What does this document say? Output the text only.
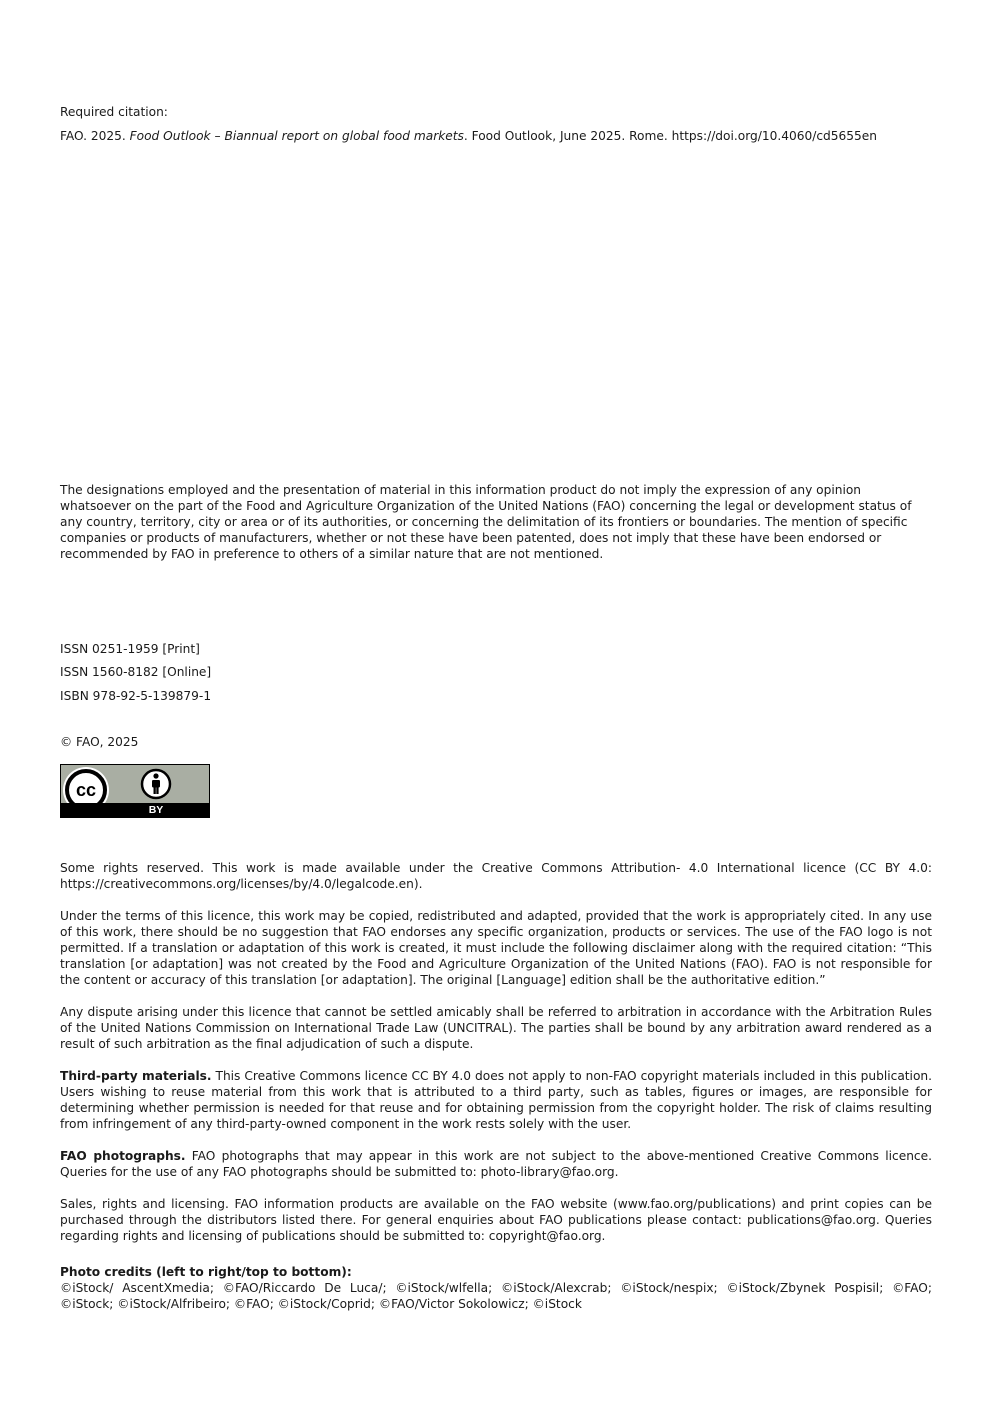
Required citation:

FAO. 2025. Food Outlook – Biannual report on global food markets. Food Outlook, June 2025. Rome. https://doi.org/10.4060/cd5655en

The designations employed and the presentation of material in this information product do not imply the expression of any opinion whatsoever on the part of the Food and Agriculture Organization of the United Nations (FAO) concerning the legal or development status of any country, territory, city or area or of its authorities, or concerning the delimitation of its frontiers or boundaries. The mention of specific companies or products of manufacturers, whether or not these have been patented, does not imply that these have been endorsed or recommended by FAO in preference to others of a similar nature that are not mentioned.

ISSN 0251-1959 [Print]

ISSN 1560-8182 [Online]

ISBN 978-92-5-139879-1

© FAO, 2025

cc
BY

Some rights reserved. This work is made available under the Creative Commons Attribution- 4.0 International licence (CC BY 4.0: https://creativecommons.org/licenses/by/4.0/legalcode.en).

Under the terms of this licence, this work may be copied, redistributed and adapted, provided that the work is appropriately cited. In any use of this work, there should be no suggestion that FAO endorses any specific organization, products or services. The use of the FAO logo is not permitted. If a translation or adaptation of this work is created, it must include the following disclaimer along with the required citation: “This translation [or adaptation] was not created by the Food and Agriculture Organization of the United Nations (FAO). FAO is not responsible for the content or accuracy of this translation [or adaptation]. The original [Language] edition shall be the authoritative edition.”

Any dispute arising under this licence that cannot be settled amicably shall be referred to arbitration in accordance with the Arbitration Rules of the United Nations Commission on International Trade Law (UNCITRAL). The parties shall be bound by any arbitration award rendered as a result of such arbitration as the final adjudication of such a dispute.

Third-party materials. This Creative Commons licence CC BY 4.0 does not apply to non-FAO copyright materials included in this publication. Users wishing to reuse material from this work that is attributed to a third party, such as tables, figures or images, are responsible for determining whether permission is needed for that reuse and for obtaining permission from the copyright holder. The risk of claims resulting from infringement of any third-party-owned component in the work rests solely with the user.

FAO photographs. FAO photographs that may appear in this work are not subject to the above-mentioned Creative Commons licence. Queries for the use of any FAO photographs should be submitted to: photo-library@fao.org.

Sales, rights and licensing. FAO information products are available on the FAO website (www.fao.org/publications) and print copies can be purchased through the distributors listed there. For general enquiries about FAO publications please contact: publications@fao.org. Queries regarding rights and licensing of publications should be submitted to: copyright@fao.org.

Photo credits (left to right/top to bottom):

©iStock/ AscentXmedia; ©FAO/Riccardo De Luca/; ©iStock/wlfella; ©iStock/Alexcrab; ©iStock/nespix; ©iStock/Zbynek Pospisil; ©FAO; ©iStock; ©iStock/Alfribeiro; ©FAO; ©iStock/Coprid; ©FAO/Victor Sokolowicz; ©iStock
